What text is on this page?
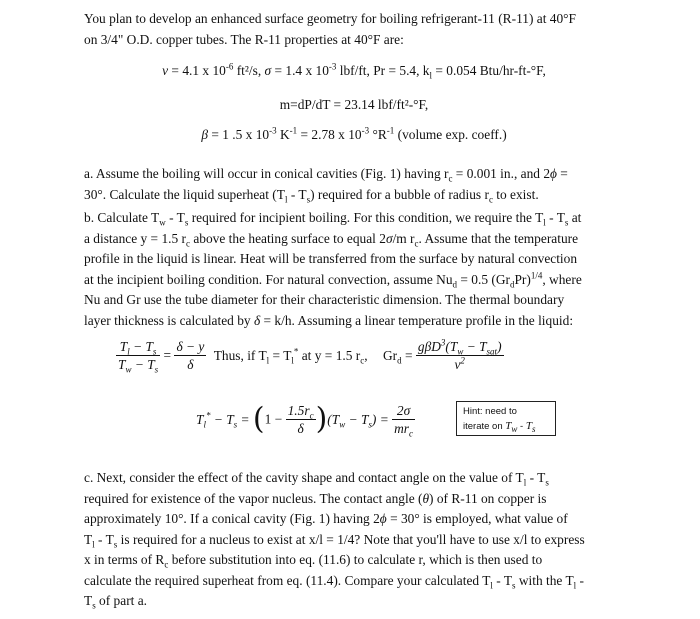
You plan to develop an enhanced surface geometry for boiling refrigerant-11 (R-11) at 40°F
on 3/4" O.D. copper tubes. The R-11 properties at 40°F are:
ν = 4.1 x $10^{-6}$ ft²/s, σ = 1.4 x $10^{-3}$ lbf/ft, Pr = 5.4, $k_l = 0.054$ Btu/hr-ft-°F,
m=dP/dT = 23.14 lbf/ft²-°F,
β = 1 .5 x $10^{-3}$ $K^{-1} = 2.78$ x $10^{-3}$ $^\circ R^{-1}$ (volume exp. coeff.)
a. Assume the boiling will occur in conical cavities (Fig. 1) having $r_c = 0.001$ in., and 2ϕ =
30°. Calculate the liquid superheat $(T_l - T_s)$ required for a bubble of radius $r_c$ to exist.
b. Calculate $T_w - T_s$ required for incipient boiling. For this condition, we require the $T_l - T_s$ at
a distance y = 1.5 $r_c$ above the heating surface to equal 2σ/m $r_c$. Assume that the temperature
profile in the liquid is linear. Heat will be transferred from the surface by natural convection
at the incipient boiling condition. For natural convection, assume $Nu_d = 0.5$ $(Gr_dPr)^{1/4}$, where
Nu and Gr use the tube diameter for their characteristic dimension. The thermal boundary
layer thickness is calculated by δ = k/h. Assuming a linear temperature profile in the liquid:
$\frac{T_l - T_s}{T_w - T_s} = \frac{\delta - y}{\delta}$ Thus, if $T_l = T_l^*$ at y = 1.5 $r_c$, $Gr_d = \frac{g\beta D^3(T_w - T_{sat})}{\nu^2}$
$T_l^* - T_s = (1 - \frac{1.5r_c}{\delta} )(T_w - T_s) = \frac{2\sigma}{mr_c}$	Hint: need to
iterate on $T_w - T_s$
c. Next, consider the effect of the cavity shape and contact angle on the value of $T_l - T_s$
required for existence of the vapor nucleus. The contact angle (θ) of R-11 on copper is
approximately 10°. If a conical cavity (Fig. 1) having 2ϕ = 30° is employed, what value of
$T_l - T_s$ is required for a nucleus to exist at x/l = 1/4? Note that you'll have to use x/l to express
x in terms of $R_c$ before substitution into eq. (11.6) to calculate r, which is then used to
calculate the required superheat from eq. (11.4). Compare your calculated $T_l - T_s$ with the $T_l$ -
$T_s$ of part a.
